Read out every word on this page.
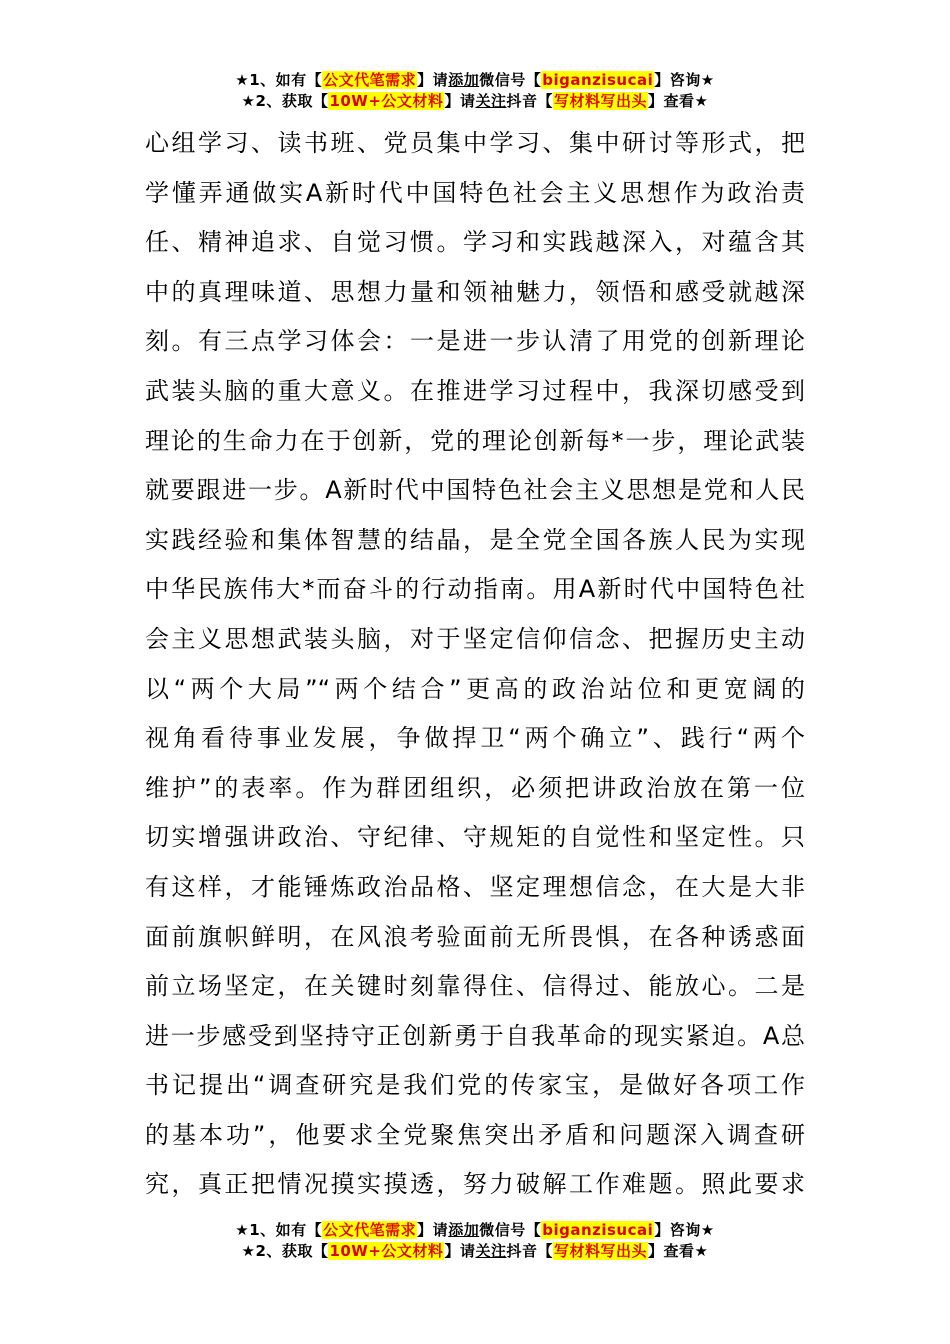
★1、如有【公文代笔需求】请添加微信号【biganzisucai】咨询★
★2、获取【10W+公文材料】请关注抖音【写材料写出头】查看★
心组学习、读书班、党员集中学习、集中研讨等形式，把
学懂弄通做实A新时代中国特色社会主义思想作为政治责
任、精神追求、自觉习惯。学习和实践越深入，对蕴含其
中的真理味道、思想力量和领袖魅力，领悟和感受就越深
刻。有三点学习体会：一是进一步认清了用党的创新理论
武装头脑的重大意义。在推进学习过程中，我深切感受到
理论的生命力在于创新，党的理论创新每*一步，理论武装
就要跟进一步。A新时代中国特色社会主义思想是党和人民
实践经验和集体智慧的结晶，是全党全国各族人民为实现
中华民族伟大*而奋斗的行动指南。用A新时代中国特色社
会主义思想武装头脑，对于坚定信仰信念、把握历史主动
以“两个大局”“两个结合”更高的政治站位和更宽阔的
视角看待事业发展，争做捍卫“两个确立”、践行“两个
维护”的表率。作为群团组织，必须把讲政治放在第一位
切实增强讲政治、守纪律、守规矩的自觉性和坚定性。只
有这样，才能锤炼政治品格、坚定理想信念，在大是大非
面前旗帜鲜明，在风浪考验面前无所畏惧，在各种诱惑面
前立场坚定，在关键时刻靠得住、信得过、能放心。二是
进一步感受到坚持守正创新勇于自我革命的现实紧迫。A总
书记提出“调查研究是我们党的传家宝，是做好各项工作
的基本功”，他要求全党聚焦突出矛盾和问题深入调查研
究，真正把情况摸实摸透，努力破解工作难题。照此要求
★1、如有【公文代笔需求】请添加微信号【biganzisucai】咨询★
★2、获取【10W+公文材料】请关注抖音【写材料写出头】查看★
